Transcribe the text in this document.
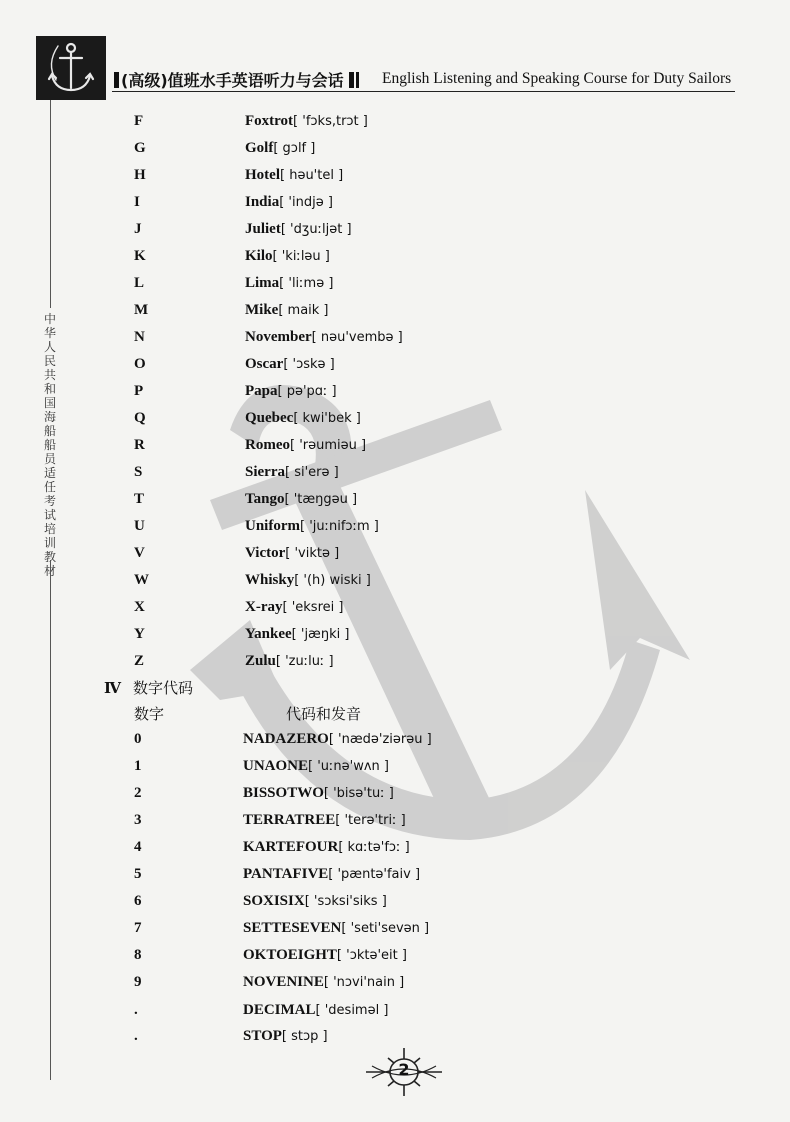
(高级)值班水手英语听力与会话	English Listening and Speaking Course for Duty Sailors
中华人民共和国海船船员适任考试培训教材
F	Foxtrot[ 'fɔks,trɔt ]
G	Golf[ gɔlf ]
H	Hotel[ həu'tel ]
I	India[ 'indjə ]
J	Juliet[ 'dʒuːljət ]
K	Kilo[ 'kiːləu ]
L	Lima[ 'liːmə ]
M	Mike[ maik ]
N	November[ nəu'vembə ]
O	Oscar[ 'ɔskə ]
P	Papa[ pə'pɑː ]
Q	Quebec[ kwi'bek ]
R	Romeo[ 'rəumiəu ]
S	Sierra[ si'erə ]
T	Tango[ 'tæŋgəu ]
U	Uniform[ 'juːnifɔːm ]
V	Victor[ 'viktə ]
W	Whisky[ '(h) wiski ]
X	X-ray[ 'eksrei ]
Y	Yankee[ 'jæŋki ]
Z	Zulu[ 'zuːluː ]
Ⅳ 数字代码
数字	代码和发音
0	NADAZERO[ 'nædə'ziərəu ]
1	UNAONE[ 'uːnə'wʌn ]
2	BISSOTWO[ 'bisə'tuː ]
3	TERRATREE[ 'terə'triː ]
4	KARTEFOUR[ kɑːtə'fɔː ]
5	PANTAFIVE[ 'pæntə'faiv ]
6	SOXISIX[ 'sɔksi'siks ]
7	SETTESEVEN[ 'seti'sevən ]
8	OKTOEIGHT[ 'ɔktə'eit ]
9	NOVENINE[ 'nɔvi'nain ]
.	DECIMAL[ 'desiməl ]
.	STOP[ stɔp ]
2
